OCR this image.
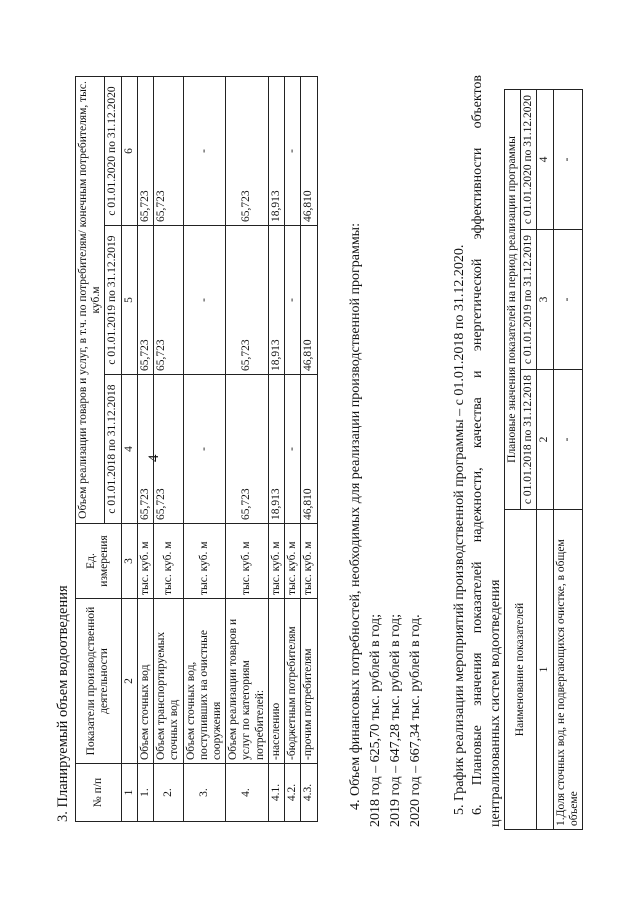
4
3. Планируемый объем водоотведения № п/п	Показатели производственной деятельности	Ед. измерения	Объем реализации товаров и услуг, в т.ч. по потребителям/ конечным потребителям, тыс. куб.м		
			с 01.01.2018 по 31.12.2018	с 01.01.2019 по 31.12.2019	с 01.01.2020 по 31.12.2020
1	2	3	4	5	6
1.	Объем сточных вод	тыс. куб. м	65,723	65,723	65,723
2.	Объем транспортируемых сточных вод	тыс. куб. м	65,723	65,723	65,723
3.	Объем сточных вод, поступивших на очистные сооружения	тыс. куб. м	-	-	-
4.	Объем реализации товаров и услуг по категориям потребителей:	тыс. куб. м	65,723	65,723	65,723
4.1.	-населению	тыс. куб. м	18,913	18,913	18,913
4.2.	-бюджетным потребителям	тыс. куб. м	-	-	-
4.3.	-прочим потребителям	тыс. куб. м	46,810	46,810	46,810
4. Объем финансовых потребностей, необходимых для реализации производственной программы: 2018 год – 625,70 тыс. рублей в год; 2019 год – 647,28 тыс. рублей в год; 2020 год – 667,34 тыс. рублей в год. 5. График реализации мероприятий производственной программы – с 01.01.2018 по 31.12.2020. 6. Плановые значения показателей надежности, качества и энергетической эффективности объектов централизованных систем водоотведения Наименование показателей	Плановые значения показателей на период реализации программы		
	с 01.01.2018 по 31.12.2018	с 01.01.2019 по 31.12.2019	с 01.01.2020 по 31.12.2020
1	2	3	4
1.Доля сточных вод, не подвергающихся очистке, в общем объеме	-	-	-
